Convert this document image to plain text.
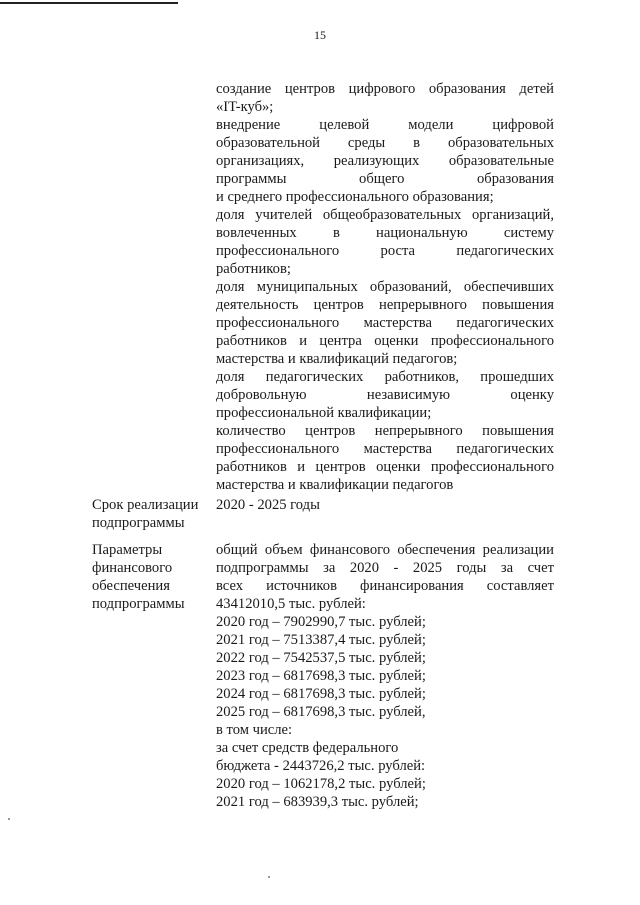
15
создание центров цифрового образования детей
«IT-куб»;
внедрение целевой модели цифровой
образовательной среды в образовательных
организациях, реализующих образовательные
программы общего образования
и среднего профессионального образования;
доля учителей общеобразовательных организаций,
вовлеченных в национальную систему
профессионального роста педагогических
работников;
доля муниципальных образований, обеспечивших
деятельность центров непрерывного повышения
профессионального мастерства педагогических
работников и центра оценки профессионального
мастерства и квалификаций педагогов;
доля педагогических работников, прошедших
добровольную независимую оценку
профессиональной квалификации;
количество центров непрерывного повышения
профессионального мастерства педагогических
работников и центров оценки профессионального
мастерства и квалификации педагогов
Срок реализации
подпрограммы
2020 - 2025 годы
Параметры
финансового
обеспечения
подпрограммы
общий объем финансового обеспечения реализации
подпрограммы за 2020 - 2025 годы за счет
всех источников финансирования составляет
43412010,5 тыс. рублей:
2020 год – 7902990,7 тыс. рублей;
2021 год – 7513387,4 тыс. рублей;
2022 год – 7542537,5 тыс. рублей;
2023 год – 6817698,3 тыс. рублей;
2024 год – 6817698,3 тыс. рублей;
2025 год – 6817698,3 тыс. рублей,
в том числе:
за счет средств федерального
бюджета - 2443726,2 тыс. рублей:
2020 год – 1062178,2 тыс. рублей;
2021 год – 683939,3 тыс. рублей;
